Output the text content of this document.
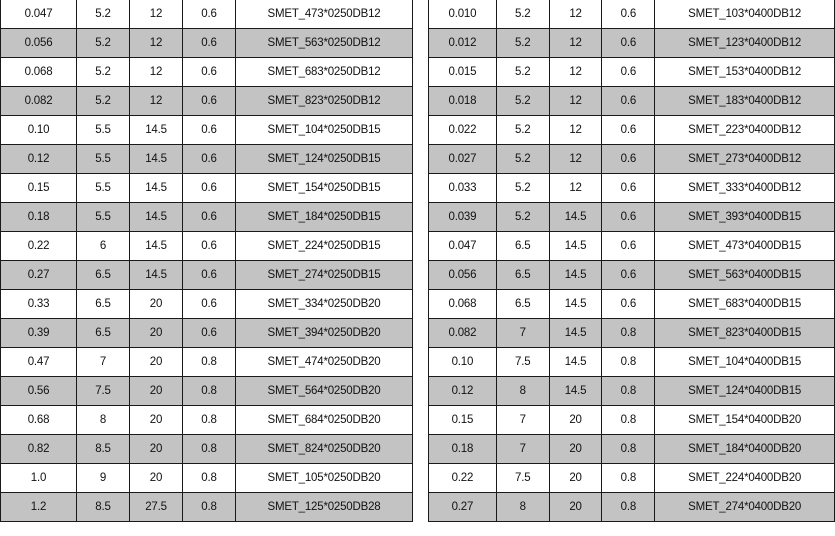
0.047	5.2	12	0.6	SMET_473*0250DB12
0.056	5.2	12	0.6	SMET_563*0250DB12
0.068	5.2	12	0.6	SMET_683*0250DB12
0.082	5.2	12	0.6	SMET_823*0250DB12
0.10	5.5	14.5	0.6	SMET_104*0250DB15
0.12	5.5	14.5	0.6	SMET_124*0250DB15
0.15	5.5	14.5	0.6	SMET_154*0250DB15
0.18	5.5	14.5	0.6	SMET_184*0250DB15
0.22	6	14.5	0.6	SMET_224*0250DB15
0.27	6.5	14.5	0.6	SMET_274*0250DB15
0.33	6.5	20	0.6	SMET_334*0250DB20
0.39	6.5	20	0.6	SMET_394*0250DB20
0.47	7	20	0.8	SMET_474*0250DB20
0.56	7.5	20	0.8	SMET_564*0250DB20
0.68	8	20	0.8	SMET_684*0250DB20
0.82	8.5	20	0.8	SMET_824*0250DB20
1.0	9	20	0.8	SMET_105*0250DB20
1.2	8.5	27.5	0.8	SMET_125*0250DB28
0.010	5.2	12	0.6	SMET_103*0400DB12
0.012	5.2	12	0.6	SMET_123*0400DB12
0.015	5.2	12	0.6	SMET_153*0400DB12
0.018	5.2	12	0.6	SMET_183*0400DB12
0.022	5.2	12	0.6	SMET_223*0400DB12
0.027	5.2	12	0.6	SMET_273*0400DB12
0.033	5.2	12	0.6	SMET_333*0400DB12
0.039	5.2	14.5	0.6	SMET_393*0400DB15
0.047	6.5	14.5	0.6	SMET_473*0400DB15
0.056	6.5	14.5	0.6	SMET_563*0400DB15
0.068	6.5	14.5	0.6	SMET_683*0400DB15
0.082	7	14.5	0.8	SMET_823*0400DB15
0.10	7.5	14.5	0.8	SMET_104*0400DB15
0.12	8	14.5	0.8	SMET_124*0400DB15
0.15	7	20	0.8	SMET_154*0400DB20
0.18	7	20	0.8	SMET_184*0400DB20
0.22	7.5	20	0.8	SMET_224*0400DB20
0.27	8	20	0.8	SMET_274*0400DB20
